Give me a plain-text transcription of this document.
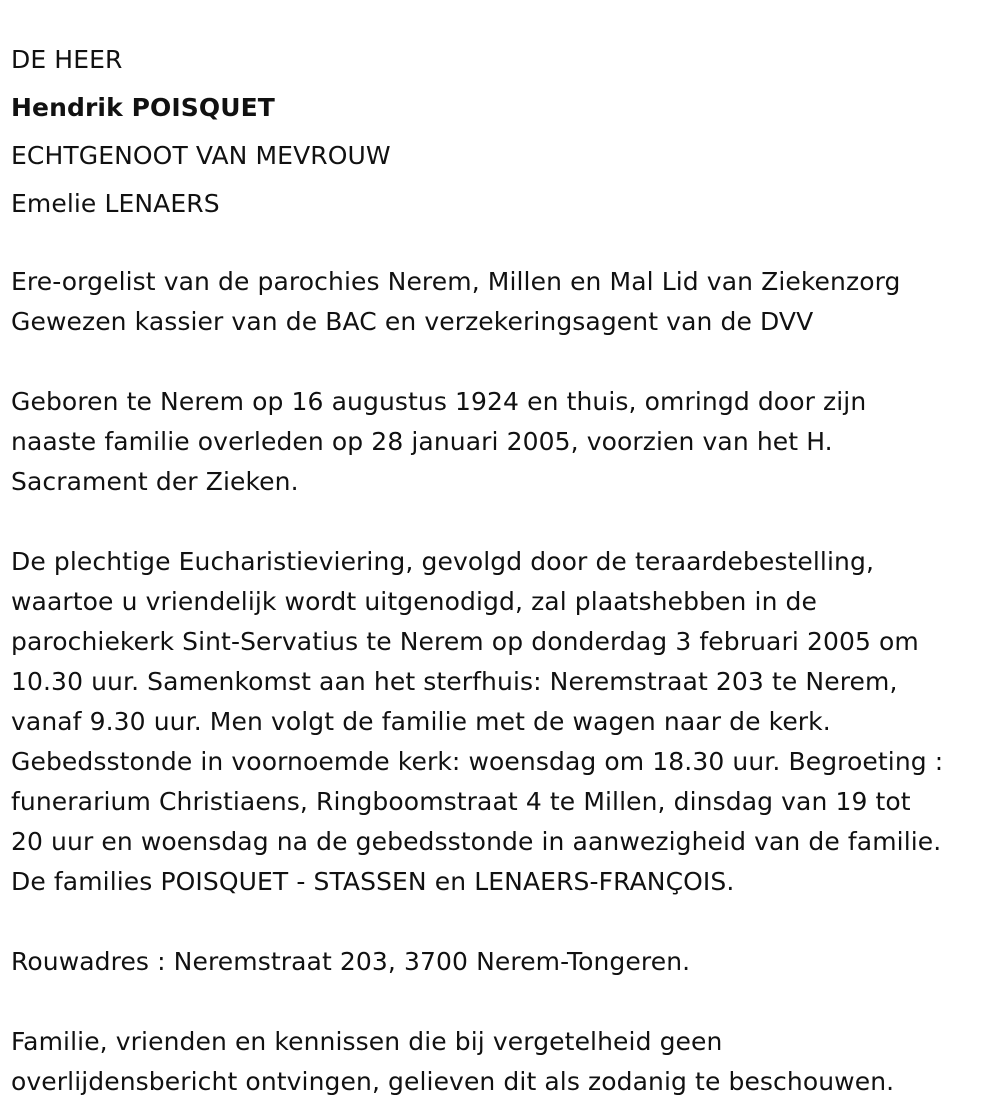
DE HEER

Hendrik POISQUET

ECHTGENOOT VAN MEVROUW

Emelie LENAERS

Ere-orgelist van de parochies Nerem, Millen en Mal Lid van Ziekenzorg
Gewezen kassier van de BAC en verzekeringsagent van de DVV
Geboren te Nerem op 16 augustus 1924 en thuis, omringd door zijn
naaste familie overleden op 28 januari 2005, voorzien van het H.
Sacrament der Zieken.
De plechtige Eucharistieviering, gevolgd door de teraardebestelling,
waartoe u vriendelijk wordt uitgenodigd, zal plaatshebben in de
parochiekerk Sint-Servatius te Nerem op donderdag 3 februari 2005 om
10.30 uur. Samenkomst aan het sterfhuis: Neremstraat 203 te Nerem,
vanaf 9.30 uur. Men volgt de familie met de wagen naar de kerk.
Gebedsstonde in voornoemde kerk: woensdag om 18.30 uur. Begroeting :
funerarium Christiaens, Ringboomstraat 4 te Millen, dinsdag van 19 tot
20 uur en woensdag na de gebedsstonde in aanwezigheid van de familie.
De families POISQUET - STASSEN en LENAERS-FRANÇOIS.
Rouwadres : Neremstraat 203, 3700 Nerem-Tongeren.
Familie, vrienden en kennissen die bij vergetelheid geen
overlijdensbericht ontvingen, gelieven dit als zodanig te beschouwen.
